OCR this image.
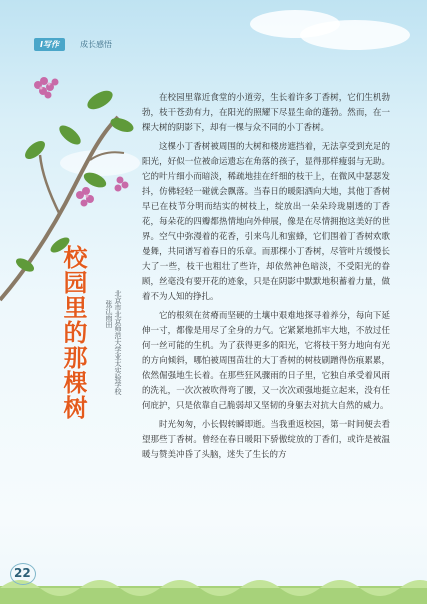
I写作	成长感悟
校园里的那棵树	北京市北京师范大学亚太实验学校
张江雨田

在校园里靠近食堂的小道旁，生长着许多丁香树，它们生机勃勃，枝干苍劲有力，在阳光的照耀下尽显生命的蓬勃。然而，在一棵大树的阴影下，却有一棵与众不同的小丁香树。

这棵小丁香树被周围的大树和楼房遮挡着，无法享受到充足的阳光，好似一位被命运遗忘在角落的孩子，显得那样瘦弱与无助。它的叶片细小而暗淡，稀疏地挂在纤细的枝干上，在微风中瑟瑟发抖，仿佛轻轻一碰就会飘落。当春日的暖阳洒向大地，其他丁香树早已在枝节分明而结实的树枝上，绽放出一朵朵玲珑剔透的丁香花，每朵花的四瓣都热情地向外伸展，像是在尽情拥抱这美好的世界。空气中弥漫着的花香，引来鸟儿和蜜蜂，它们围着丁香树欢歌曼舞，共同谱写着春日的乐章。而那棵小丁香树，尽管叶片缓慢长大了一些，枝干也粗壮了些许，却依然神色暗淡，不受阳光的眷顾，丝毫没有要开花的迹象，只是在阴影中默默地积蓄着力量，做着不为人知的挣扎。

它的根须在贫瘠而坚硬的土壤中艰难地探寻着养分，每向下延伸一寸，都像是用尽了全身的力气。它紧紧地抓牢大地，不放过任何一丝可能的生机。为了获得更多的阳光，它将枝干努力地向有光的方向倾斜，哪怕被周围苗壮的大丁香树的树枝刷蹭得伤痕累累，依然倔强地生长着。在那些狂风骤雨的日子里，它独自承受着风雨的洗礼，一次次被吹得弯了腰，又一次次顽强地挺立起来，没有任何庇护，只是依靠自己脆弱却又坚韧的身躯去对抗大自然的威力。

时光匆匆，小长假转瞬即逝。当我重返校园，第一时间便去看望那些丁香树。曾经在春日暖阳下骄傲绽放的丁香们，或许是被温暖与赞美冲昏了头脑，迷失了生长的方

22
